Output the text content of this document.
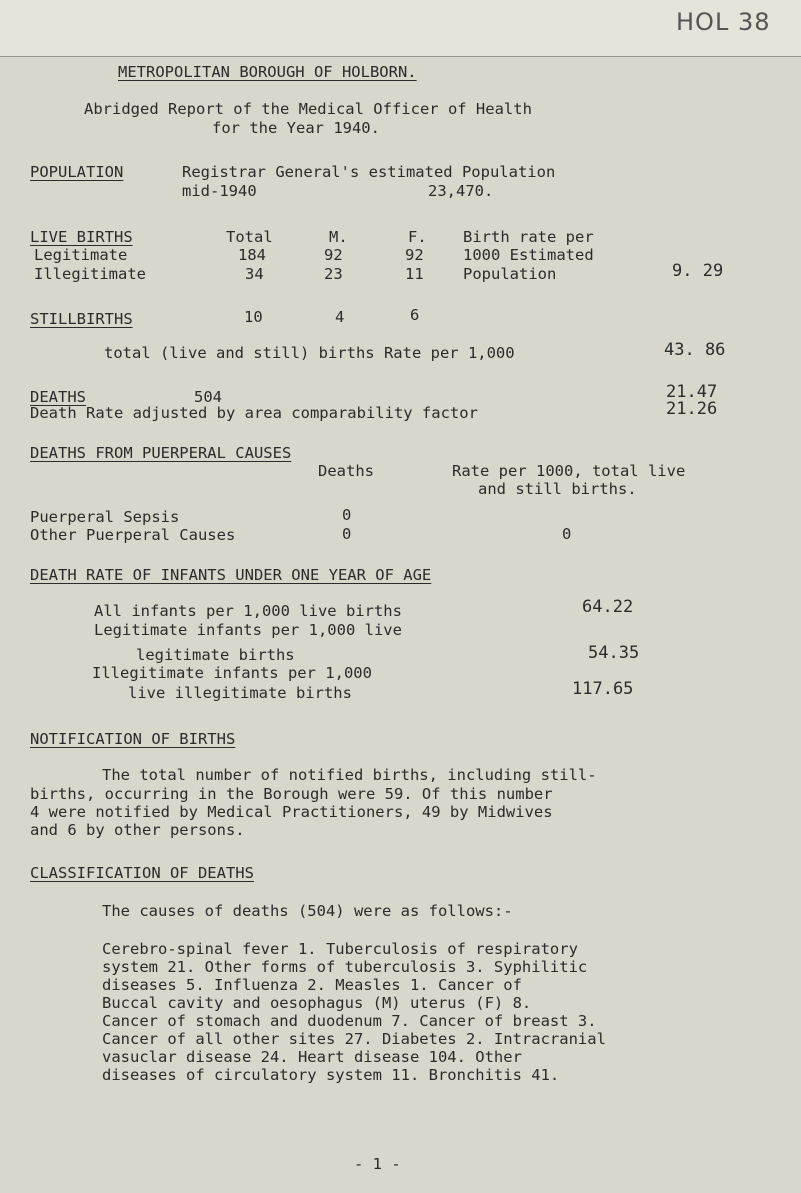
HOL 38
METROPOLITAN BOROUGH OF HOLBORN.
Abridged Report of the Medical Officer of Health
for the Year 1940.
POPULATION	Registrar General's estimated Population
mid-1940	23,470.
LIVE BIRTHS	Total	M.	F. Birth rate per
Legitimate	184	92	92	1000 Estimated
Illegitimate	34	23	11	Population	9. 29
STILLBIRTHS	10	4	6
total (live and still) births Rate per 1,000	43. 86
DEATHS	504	21.47
Death Rate adjusted by area comparability factor	21.26
DEATHS FROM PUERPERAL CAUSES
Deaths	Rate per 1000, total live
and still births.
Puerperal Sepsis	0
Other Puerperal Causes	0	0
DEATH RATE OF INFANTS UNDER ONE YEAR OF AGE
All infants per 1,000 live births	64.22
Legitimate infants per 1,000 live
legitimate births	54.35
Illegitimate infants per 1,000
live illegitimate births	117.65
NOTIFICATION OF BIRTHS
The total number of notified births, including still-
births, occurring in the Borough were 59. Of this number
4 were notified by Medical Practitioners, 49 by Midwives
and 6 by other persons.
CLASSIFICATION OF DEATHS
The causes of deaths (504) were as follows:-
Cerebro-spinal fever 1. Tuberculosis of respiratory
system 21. Other forms of tuberculosis 3. Syphilitic
diseases 5. Influenza 2. Measles 1. Cancer of
Buccal cavity and oesophagus (M) uterus (F) 8.
Cancer of stomach and duodenum 7. Cancer of breast 3.
Cancer of all other sites 27. Diabetes 2. Intracranial
vasuclar disease 24. Heart disease 104. Other
diseases of circulatory system 11. Bronchitis 41.
- 1 -
